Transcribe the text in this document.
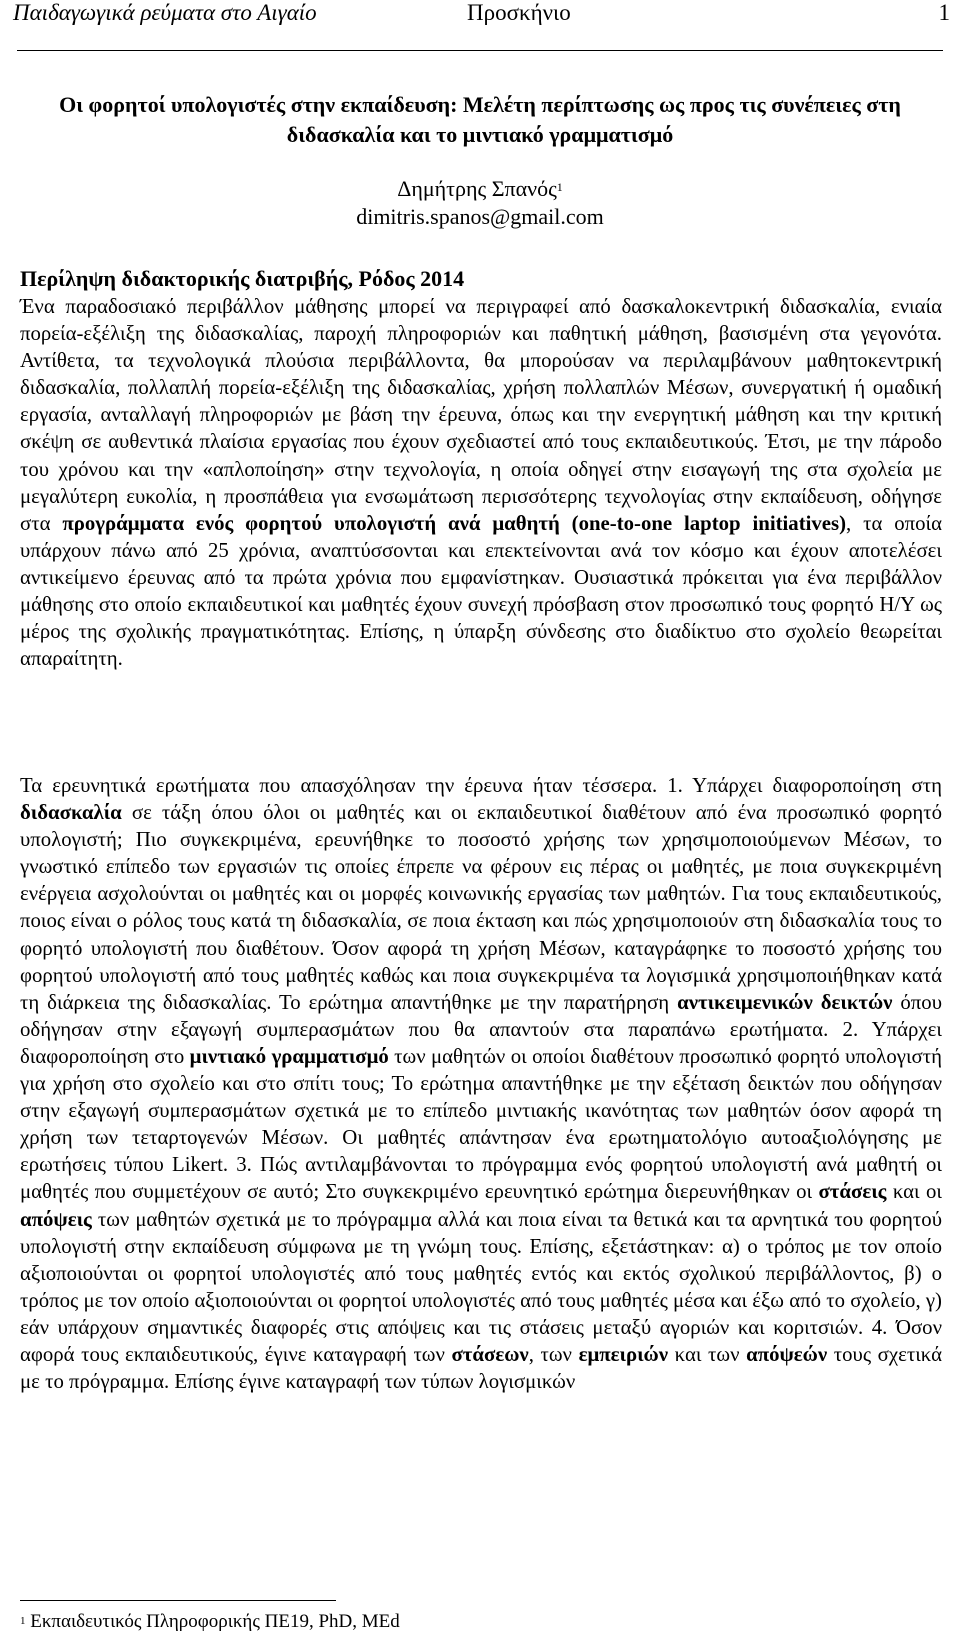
Παιδαγωγικά ρεύματα στο Αιγαίο	Προσκήνιο	1
Οι φορητοί υπολογιστές στην εκπαίδευση: Μελέτη περίπτωσης ως προς τις συνέπειες στη διδασκαλία και το μιντιακό γραμματισμό
Δημήτρης Σπανός$^1$
dimitris.spanos@gmail.com
Περίληψη διδακτορικής διατριβής, Ρόδος 2014
Ένα παραδοσιακό περιβάλλον μάθησης μπορεί να περιγραφεί από δασκαλοκεντρική διδασκαλία, ενιαία πορεία-εξέλιξη της διδασκαλίας, παροχή πληροφοριών και παθητική μάθηση, βασισμένη στα γεγονότα. Αντίθετα, τα τεχνολογικά πλούσια περιβάλλοντα, θα μπορούσαν να περιλαμβάνουν μαθητοκεντρική διδασκαλία, πολλαπλή πορεία-εξέλιξη της διδασκαλίας, χρήση πολλαπλών Μέσων, συνεργατική ή ομαδική εργασία, ανταλλαγή πληροφοριών με βάση την έρευνα, όπως και την ενεργητική μάθηση και την κριτική σκέψη σε αυθεντικά πλαίσια εργασίας που έχουν σχεδιαστεί από τους εκπαιδευτικούς. Έτσι, με την πάροδο του χρόνου και την «απλοποίηση» στην τεχνολογία, η οποία οδηγεί στην εισαγωγή της στα σχολεία με μεγαλύτερη ευκολία, η προσπάθεια για ενσωμάτωση περισσότερης τεχνολογίας στην εκπαίδευση, οδήγησε στα προγράμματα ενός φορητού υπολογιστή ανά μαθητή (one-to-one laptop initiatives), τα οποία υπάρχουν πάνω από 25 χρόνια, αναπτύσσονται και επεκτείνονται ανά τον κόσμο και έχουν αποτελέσει αντικείμενο έρευνας από τα πρώτα χρόνια που εμφανίστηκαν. Ουσιαστικά πρόκειται για ένα περιβάλλον μάθησης στο οποίο εκπαιδευτικοί και μαθητές έχουν συνεχή πρόσβαση στον προσωπικό τους φορητό Η/Υ ως μέρος της σχολικής πραγματικότητας. Επίσης, η ύπαρξη σύνδεσης στο διαδίκτυο στο σχολείο θεωρείται απαραίτητη.
Τα ερευνητικά ερωτήματα που απασχόλησαν την έρευνα ήταν τέσσερα. 1. Υπάρχει διαφοροποίηση στη διδασκαλία σε τάξη όπου όλοι οι μαθητές και οι εκπαιδευτικοί διαθέτουν από ένα προσωπικό φορητό υπολογιστή; Πιο συγκεκριμένα, ερευνήθηκε το ποσοστό χρήσης των χρησιμοποιούμενων Μέσων, το γνωστικό επίπεδο των εργασιών τις οποίες έπρεπε να φέρουν εις πέρας οι μαθητές, με ποια συγκεκριμένη ενέργεια ασχολούνται οι μαθητές και οι μορφές κοινωνικής εργασίας των μαθητών. Για τους εκπαιδευτικούς, ποιος είναι ο ρόλος τους κατά τη διδασκαλία, σε ποια έκταση και πώς χρησιμοποιούν στη διδασκαλία τους το φορητό υπολογιστή που διαθέτουν. Όσον αφορά τη χρήση Μέσων, καταγράφηκε το ποσοστό χρήσης του φορητού υπολογιστή από τους μαθητές καθώς και ποια συγκεκριμένα τα λογισμικά χρησιμοποιήθηκαν κατά τη διάρκεια της διδασκαλίας. Το ερώτημα απαντήθηκε με την παρατήρηση αντικειμενικών δεικτών όπου οδήγησαν στην εξαγωγή συμπερασμάτων που θα απαντούν στα παραπάνω ερωτήματα. 2. Υπάρχει διαφοροποίηση στο μιντιακό γραμματισμό των μαθητών οι οποίοι διαθέτουν προσωπικό φορητό υπολογιστή για χρήση στο σχολείο και στο σπίτι τους; Το ερώτημα απαντήθηκε με την εξέταση δεικτών που οδήγησαν στην εξαγωγή συμπερασμάτων σχετικά με το επίπεδο μιντιακής ικανότητας των μαθητών όσον αφορά τη χρήση των τεταρτογενών Μέσων. Οι μαθητές απάντησαν ένα ερωτηματολόγιο αυτοαξιολόγησης με ερωτήσεις τύπου Likert. 3. Πώς αντιλαμβάνονται το πρόγραμμα ενός φορητού υπολογιστή ανά μαθητή οι μαθητές που συμμετέχουν σε αυτό; Στο συγκεκριμένο ερευνητικό ερώτημα διερευνήθηκαν οι στάσεις και οι απόψεις των μαθητών σχετικά με το πρόγραμμα αλλά και ποια είναι τα θετικά και τα αρνητικά του φορητού υπολογιστή στην εκπαίδευση σύμφωνα με τη γνώμη τους. Επίσης, εξετάστηκαν: α) ο τρόπος με τον οποίο αξιοποιούνται οι φορητοί υπολογιστές από τους μαθητές εντός και εκτός σχολικού περιβάλλοντος, β) ο τρόπος με τον οποίο αξιοποιούνται οι φορητοί υπολογιστές από τους μαθητές μέσα και έξω από το σχολείο, γ) εάν υπάρχουν σημαντικές διαφορές στις απόψεις και τις στάσεις μεταξύ αγοριών και κοριτσιών. 4. Όσον αφορά τους εκπαιδευτικούς, έγινε καταγραφή των στάσεων, των εμπειριών και των απόψεών τους σχετικά με το πρόγραμμα. Επίσης έγινε καταγραφή των τύπων λογισμικών
$^1$ Εκπαιδευτικός Πληροφορικής ΠΕ19, PhD, MEd
